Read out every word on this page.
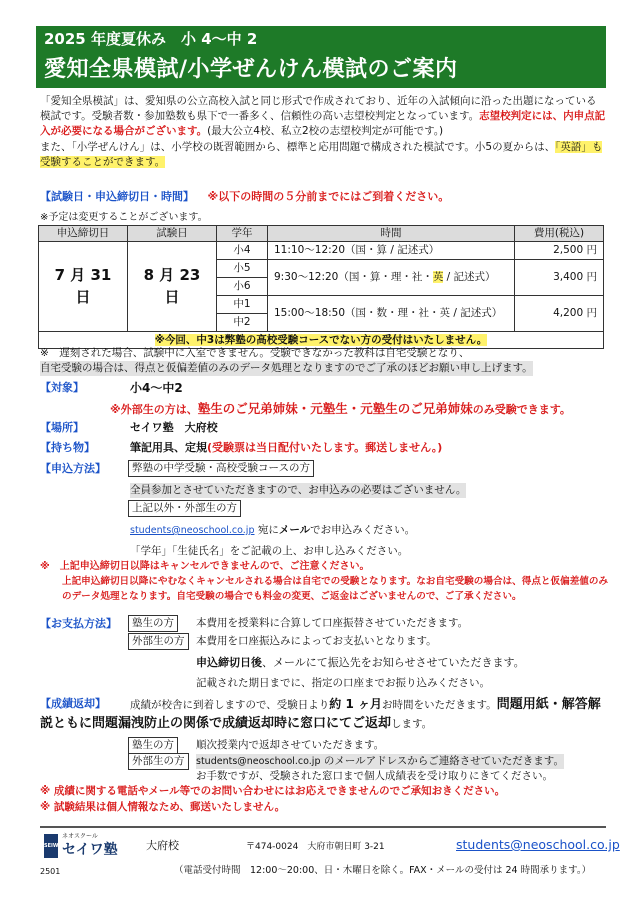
2025 年度夏休み　小 4～中 2
愛知全県模試/小学ぜんけん模試のご案内
「愛知全県模試」は、愛知県の公立高校入試と同じ形式で作成されており、近年の入試傾向に沿った出題になっている模試です。受験者数・参加塾数も県下で一番多く、信頼性の高い志望校判定となっています。志望校判定には、内申点記入が必要になる場合がございます。(最大公立4校、私立2校の志望校判定が可能です。)
また、「小学ぜんけん」は、小学校の既習範囲から、標準と応用問題で構成された模試です。小5の夏からは、「英語」も受験することができます。
【試験日・申込締切日・時間】 ※以下の時間の５分前までにはご到着ください。
※予定は変更することがございます。
申込締切日	試験日	学年	時間	費用(税込)
7 月 31 日	8 月 23 日	小4	11:10～12:20（国・算 / 記述式）	2,500 円
		小5	9:30～12:20（国・算・理・社・英 / 記述式）	3,400 円
		小6		
		中1	15:00～18:50（国・数・理・社・英 / 記述式）	4,200 円
		中2		
※今回、中3は弊塾の高校受験コースでない方の受付はいたしません。				
※　遅刻された場合、試験中に入室できません。受験できなかった教科は自宅受験となり、
自宅受験の場合は、得点と仮偏差値のみのデータ処理となりますのでご了承のほどお願い申し上げます。
【対象】	小4～中2
※外部生の方は、塾生のご兄弟姉妹・元塾生・元塾生のご兄弟姉妹のみ受験できます。
【場所】	セイワ塾　大府校
【持ち物】	筆記用具、定規(受験票は当日配付いたします。郵送しません。)
【申込方法】	弊塾の中学受験・高校受験コースの方
全員参加とさせていただきますので、お申込みの必要はございません。
上記以外・外部生の方
students@neoschool.co.jp 宛にメールでお申込みください。
「学年」「生徒氏名」をご記載の上、お申し込みください。
※　上記申込締切日以降はキャンセルできませんので、ご注意ください。
上記申込締切日以降にやむなくキャンセルされる場合は自宅での受験となります。なお自宅受験の場合は、得点と仮偏差値のみ
のデータ処理となります。自宅受験の場合でも料金の変更、ご返金はございませんので、ご了承ください。
【お支払方法】	塾生の方	本費用を授業料に合算して口座振替させていただきます。
外部生の方	本費用を口座振込みによってお支払いとなります。
申込締切日後、メールにて振込先をお知らせさせていただきます。
記載された期日までに、指定の口座までお振り込みください。
【成績返却】 成績が校舎に到着しますので、受験日より約 1 ヶ月お時間をいただきます。問題用紙・解答解
説ともに問題漏洩防止の関係で成績返却時に窓口にてご返却します。
塾生の方	順次授業内で返却させていただきます。
外部生の方	students@neoschool.co.jp のメールアドレスからご連絡させていただきます。
お手数ですが、受験された窓口まで個人成績表を受け取りにきてください。
※ 成績に関する電話やメール等でのお問い合わせにはお応えできませんのでご承知おきください。
※ 試験結果は個人情報なため、郵送いたしません。
SEIWA
ネオスクール
セイワ塾	大府校	〒474-0024　大府市朝日町 3-21	students@neoschool.co.jp
2501	（電話受付時間　12:00～20:00、日・木曜日を除く。FAX・メールの受付は 24 時間承ります。）
